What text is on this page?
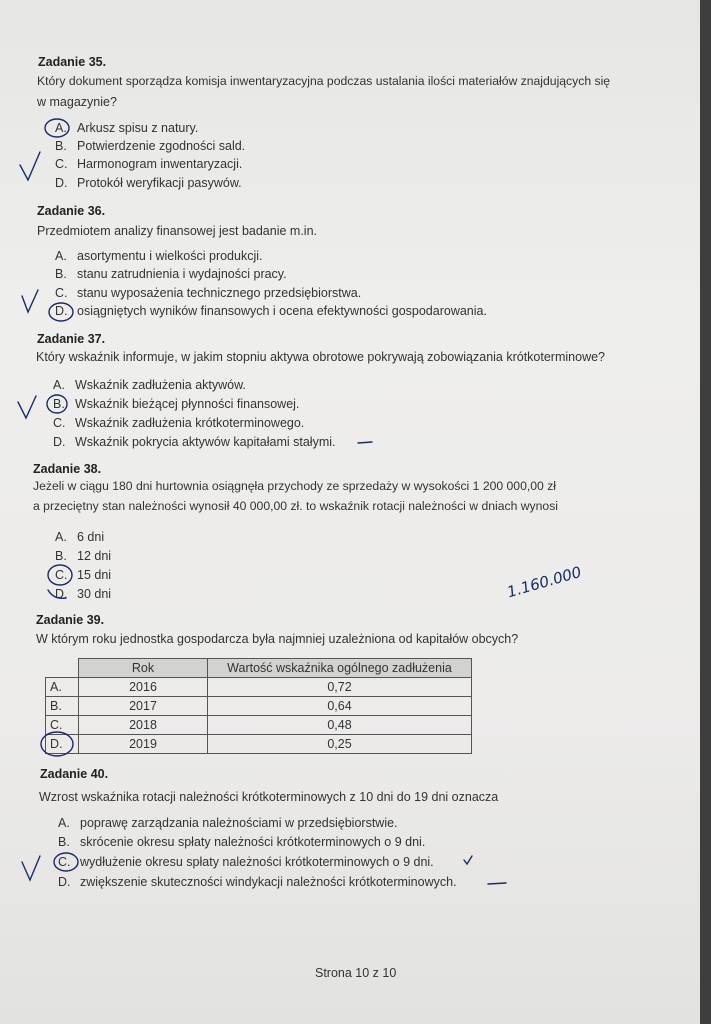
Zadanie 35.
Który dokument sporządza komisja inwentaryzacyjna podczas ustalania ilości materiałów znajdujących się
w magazynie?
A. Arkusz spisu z natury.
B. Potwierdzenie zgodności sald.
C. Harmonogram inwentaryzacji.
D. Protokół weryfikacji pasywów.
Zadanie 36.
Przedmiotem analizy finansowej jest badanie m.in.
A. asortymentu i wielkości produkcji.
B. stanu zatrudnienia i wydajności pracy.
C. stanu wyposażenia technicznego przedsiębiorstwa.
D. osiągniętych wyników finansowych i ocena efektywności gospodarowania.
Zadanie 37.
Który wskaźnik informuje, w jakim stopniu aktywa obrotowe pokrywają zobowiązania krótkoterminowe?
A. Wskaźnik zadłużenia aktywów.
B. Wskaźnik bieżącej płynności finansowej.
C. Wskaźnik zadłużenia krótkoterminowego.
D. Wskaźnik pokrycia aktywów kapitałami stałymi.
Zadanie 38.
Jeżeli w ciągu 180 dni hurtownia osiągnęła przychody ze sprzedaży w wysokości 1 200 000,00 zł
a przeciętny stan należności wynosił 40 000,00 zł. to wskaźnik rotacji należności w dniach wynosi
A. 6 dni
B. 12 dni
C. 15 dni
D. 30 dni
Zadanie 39.
W którym roku jednostka gospodarcza była najmniej uzależniona od kapitałów obcych?
	Rok	Wartość wskaźnika ogólnego zadłużenia
A.	2016	0,72
B.	2017	0,64
C.	2018	0,48
D.	2019	0,25
Zadanie 40.
Wzrost wskaźnika rotacji należności krótkoterminowych z 10 dni do 19 dni oznacza
A. poprawę zarządzania należnościami w przedsiębiorstwie.
B. skrócenie okresu spłaty należności krótkoterminowych o 9 dni.
C. wydłużenie okresu spłaty należności krótkoterminowych o 9 dni.
D. zwiększenie skuteczności windykacji należności krótkoterminowych.
Strona 10 z 10
1.160.000
